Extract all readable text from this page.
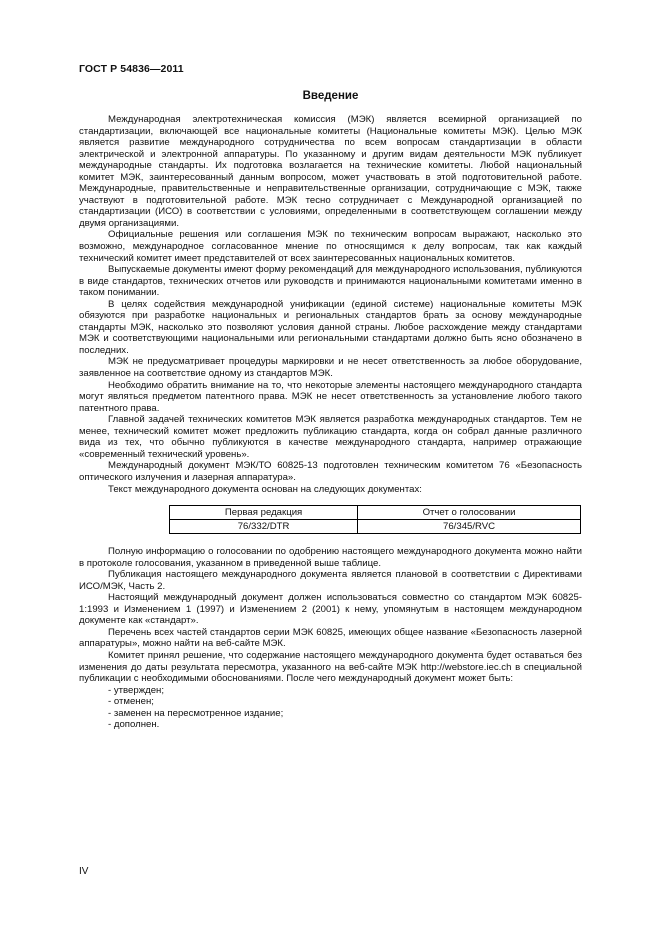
ГОСТ Р 54836—2011
Введение

Международная электротехническая комиссия (МЭК) является всемирной организацией по стандартизации, включающей все национальные комитеты (Национальные комитеты МЭК). Целью МЭК является развитие международного сотрудничества по всем вопросам стандартизации в области электрической и электронной аппаратуры. По указанному и другим видам деятельности МЭК публикует международные стандарты. Их подготовка возлагается на технические комитеты. Любой национальный комитет МЭК, заинтересованный данным вопросом, может участвовать в этой подготовительной работе. Международные, правительственные и неправительственные организации, сотрудничающие с МЭК, также участвуют в подготовительной работе. МЭК тесно сотрудничает с Международной организацией по стандартизации (ИСО) в соответствии с условиями, определенными в соответствующем соглашении между двумя организациями.

Официальные решения или соглашения МЭК по техническим вопросам выражают, насколько это возможно, международное согласованное мнение по относящимся к делу вопросам, так как каждый технический комитет имеет представителей от всех заинтересованных национальных комитетов.

Выпускаемые документы имеют форму рекомендаций для международного использования, публикуются в виде стандартов, технических отчетов или руководств и принимаются национальными комитетами именно в таком понимании.

В целях содействия международной унификации (единой системе) национальные комитеты МЭК обязуются при разработке национальных и региональных стандартов брать за основу международные стандарты МЭК, насколько это позволяют условия данной страны. Любое расхождение между стандартами МЭК и соответствующими национальными или региональными стандартами должно быть ясно обозначено в последних.

МЭК не предусматривает процедуры маркировки и не несет ответственность за любое оборудование, заявленное на соответствие одному из стандартов МЭК.

Необходимо обратить внимание на то, что некоторые элементы настоящего международного стандарта могут являться предметом патентного права. МЭК не несет ответственность за установление любого такого патентного права.

Главной задачей технических комитетов МЭК является разработка международных стандартов. Тем не менее, технический комитет может предложить публикацию стандарта, когда он собрал данные различного вида из тех, что обычно публикуются в качестве международного стандарта, например отражающие «современный технический уровень».

Международный документ МЭК/ТО 60825-13 подготовлен техническим комитетом 76 «Безопасность оптического излучения и лазерная аппаратура».

Текст международного документа основан на следующих документах:

Первая редакция	Отчет о голосовании
76/332/DTR	76/345/RVC

Полную информацию о голосовании по одобрению настоящего международного документа можно найти в протоколе голосования, указанном в приведенной выше таблице.

Публикация настоящего международного документа является плановой в соответствии с Директивами ИСО/МЭК, Часть 2.

Настоящий международный документ должен использоваться совместно со стандартом МЭК 60825-1:1993 и Изменением 1 (1997) и Изменением 2 (2001) к нему, упомянутым в настоящем международном документе как «стандарт».

Перечень всех частей стандартов серии МЭК 60825, имеющих общее название «Безопасность лазерной аппаратуры», можно найти на веб-сайте МЭК.

Комитет принял решение, что содержание настоящего международного документа будет оставаться без изменения до даты результата пересмотра, указанного на веб-сайте МЭК http://webstore.iec.ch в специальной публикации с необходимыми обоснованиями. После чего международный документ может быть:

- утвержден;
- отменен;
- заменен на пересмотренное издание;
- дополнен.
IV
